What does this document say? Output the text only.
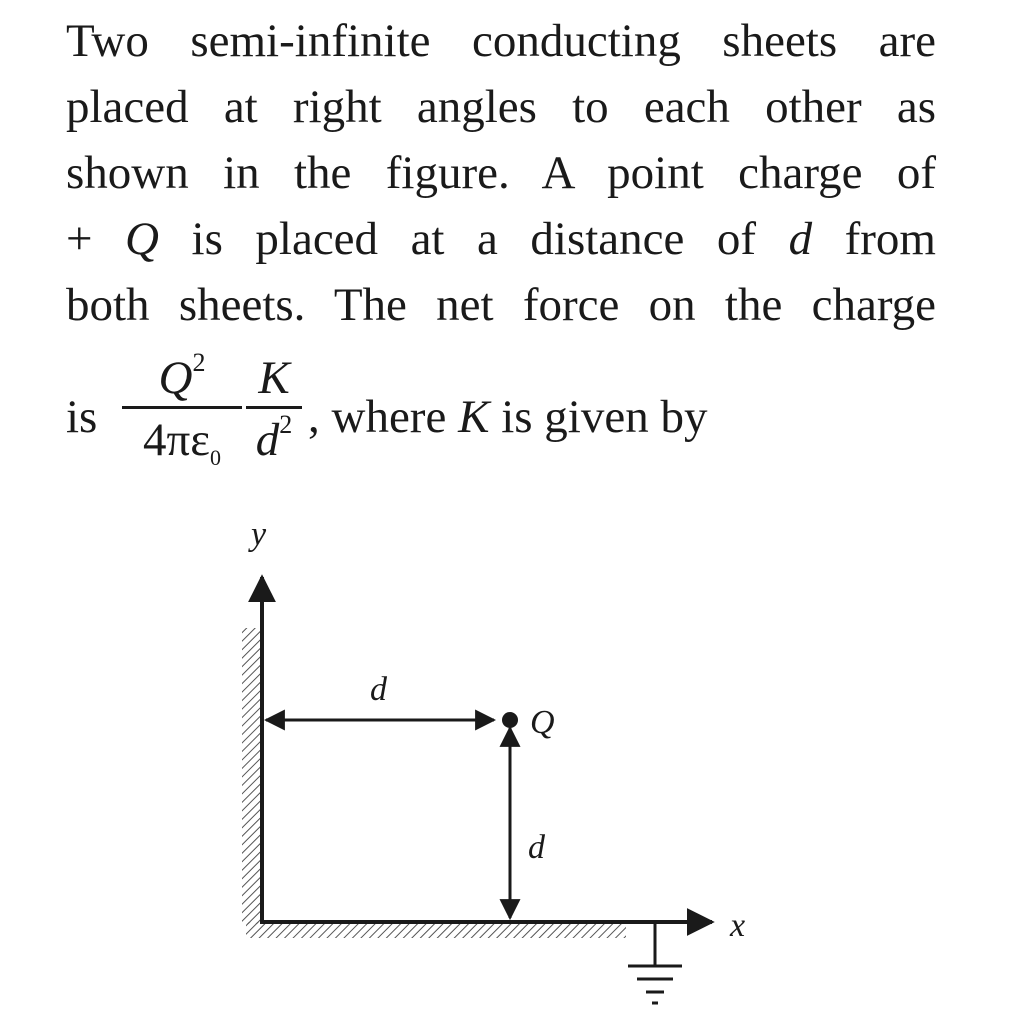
Two semi-infinite conducting sheets are
placed at right angles to each other as
shown in the figure. A point charge of
+ Q is placed at a distance of d from
both sheets. The net force on the charge
is
$Q^2$
$4\pi\varepsilon_0$
K
$d^2$ , where K is given by
y
x
d
d
Q
